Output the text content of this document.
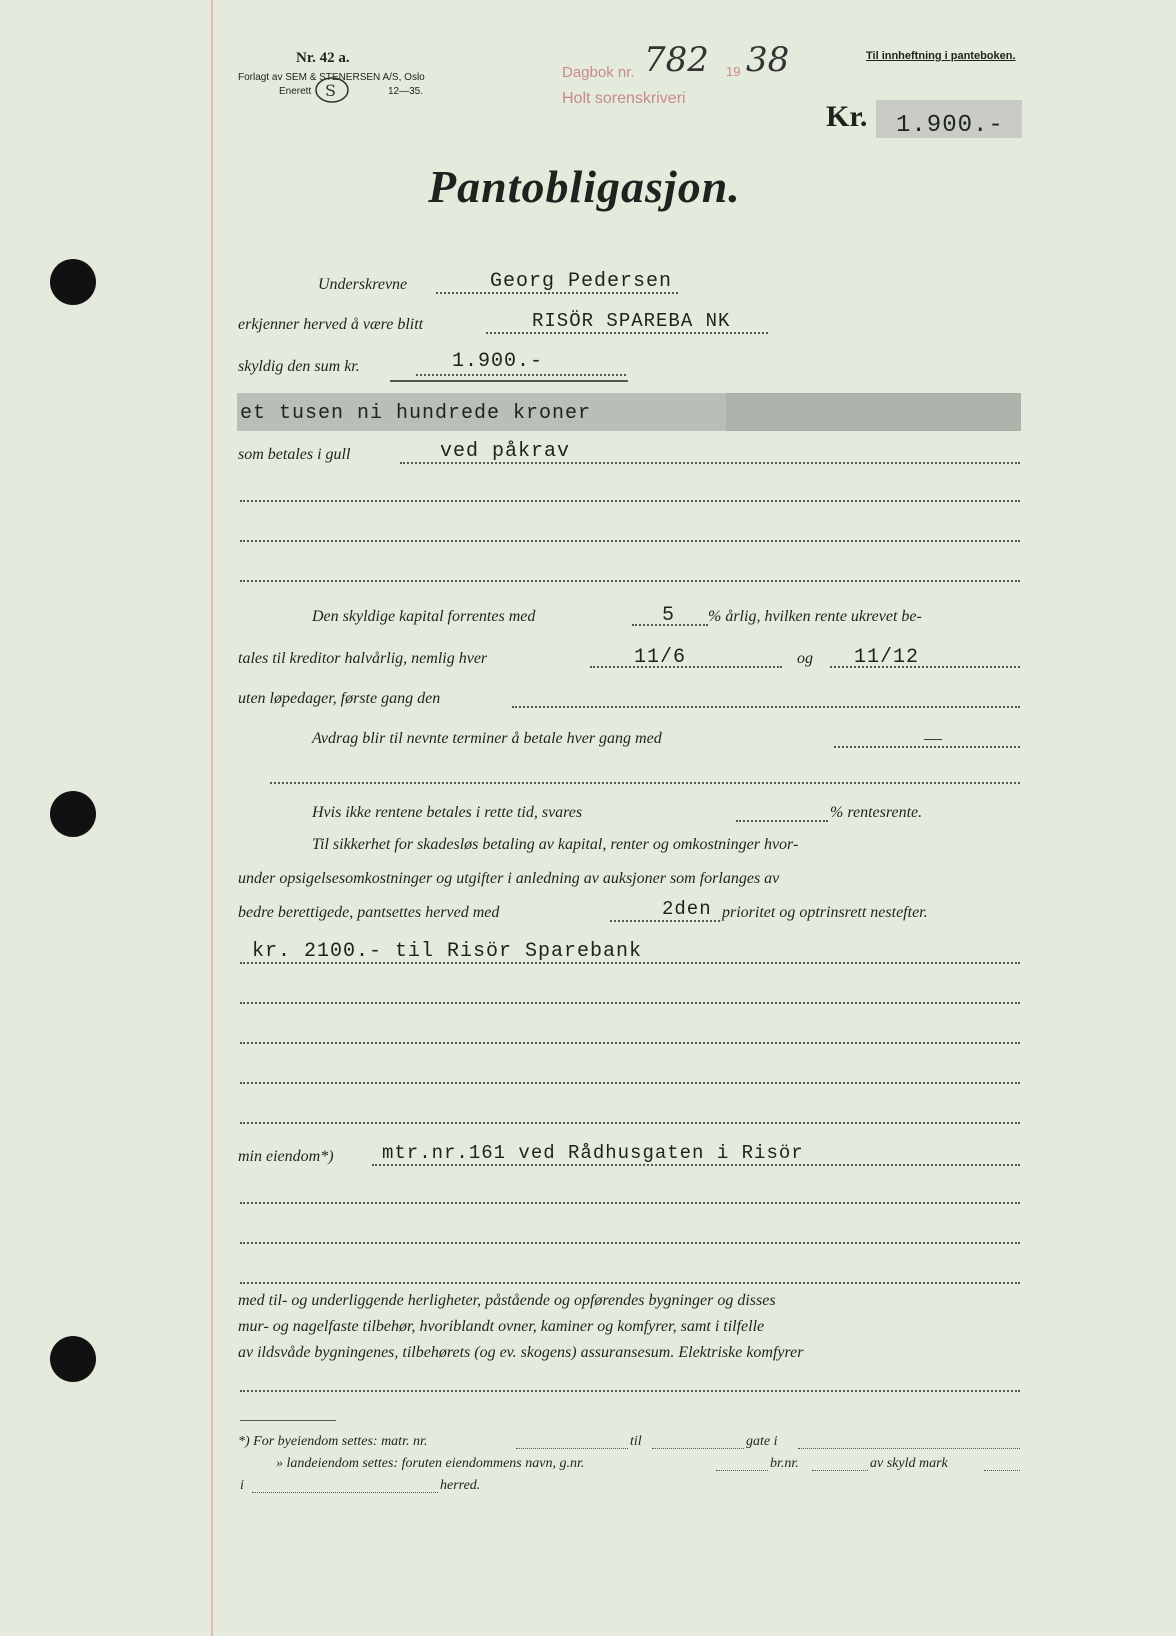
Nr. 42 a.
Forlagt av SEM & STENERSEN A/S, Oslo
Enerett	12—35.
S
Dagbok nr. 782 19 38
Holt sorenskriveri
Til innheftning i panteboken.
Kr. 1.900.-
Pantobligasjon.
Underskrevne	Georg Pedersen
erkjenner herved å være blitt	RISÖR SPAREBA NK
skyldig den sum kr.	1.900.-
et tusen ni hundrede kroner
som betales i gull	ved påkrav
Den skyldige kapital forrentes med	5 % årlig, hvilken rente ukrevet be-
tales til kreditor halvårlig, nemlig hver	11/6	og 11/12
uten løpedager, første gang den
Avdrag blir til nevnte terminer å betale hver gang med	—
Hvis ikke rentene betales i rette tid, svares	% rentesrente.
Til sikkerhet for skadesløs betaling av kapital, renter og omkostninger hvor-
under opsigelsesomkostninger og utgifter i anledning av auksjoner som forlanges av
bedre berettigede, pantsettes herved med	2den prioritet og optrinsrett nestefter.
kr. 2100.- til Risör Sparebank
min eiendom*)	mtr.nr.161 ved Rådhusgaten i Risör
med til- og underliggende herligheter, påstående og opførendes bygninger og disses
mur- og nagelfaste tilbehør, hvoriblandt ovner, kaminer og komfyrer, samt i tilfelle
av ildsvåde bygningenes, tilbehørets (og ev. skogens) assuransesum. Elektriske komfyrer
*) For byeiendom settes: matr. nr.	til	gate i
» landeiendom settes: foruten eiendommens navn, g.nr.	br.nr.	av skyld mark
i	herred.
